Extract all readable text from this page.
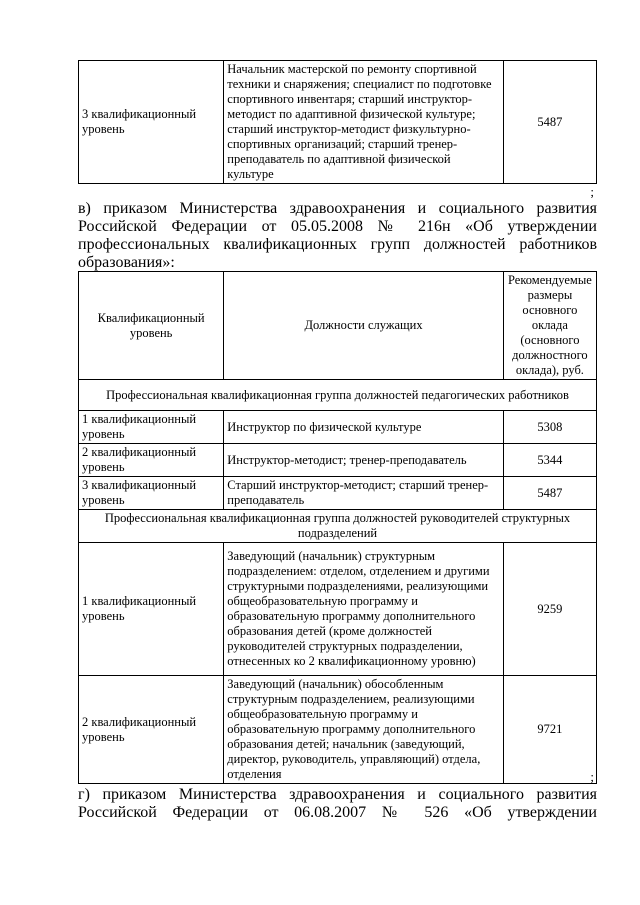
3 квалификационный уровень	Начальник мастерской по ремонту спортивной техники и снаряжения; специалист по подготовке спортивного инвентаря; старший инструктор-методист по адаптивной физической культуре; старший инструктор-методист физкультурно-спортивных организаций; старший тренер-преподаватель по адаптивной физической культуре	5487
;
в) приказом Министерства здравоохранения и социального развития Российской Федерации от 05.05.2008 № 216н «Об утверждении профессиональных квалификационных групп должностей работников образования»:
Квалификационный уровень	Должности служащих	Рекомендуемые размеры основного оклада (основного должностного оклада), руб.
Профессиональная квалификационная группа должностей педагогических работников		
1 квалификационный уровень	Инструктор по физической культуре	5308
2 квалификационный уровень	Инструктор-методист; тренер-преподаватель	5344
3 квалификационный уровень	Старший инструктор-методист; старший тренер-преподаватель	5487
Профессиональная квалификационная группа должностей руководителей структурных подразделений		
1 квалификационный уровень	Заведующий (начальник) структурным подразделением: отделом, отделением и другими структурными подразделениями, реализующими общеобразовательную программу и образовательную программу дополнительного образования детей (кроме должностей руководителей структурных подразделении, отнесенных ко 2 квалификационному уровню)	9259
2 квалификационный уровень	Заведующий (начальник) обособленным структурным подразделением, реализующими общеобразовательную программу и образовательную программу дополнительного образования детей; начальник (заведующий, директор, руководитель, управляющий) отдела, отделения	9721
;
г) приказом Министерства здравоохранения и социального развития Российской Федерации от 06.08.2007 № 526 «Об утверждении
